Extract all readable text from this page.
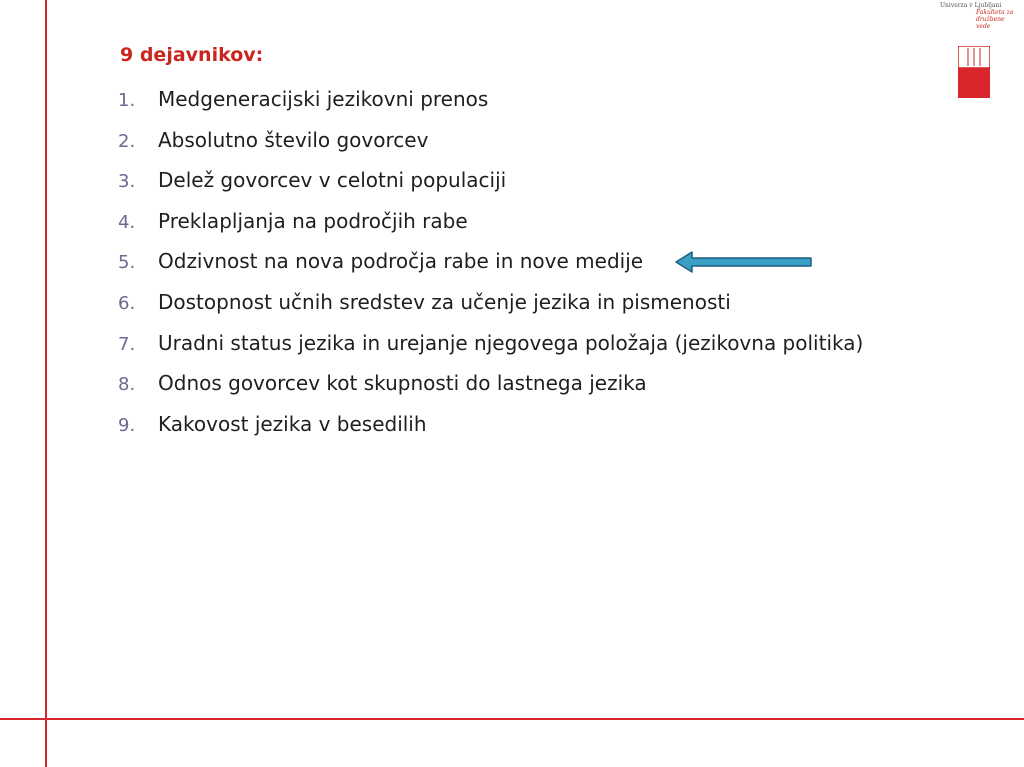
Univerza v Ljubljani
Fakulteta za družbene vede
9 dejavnikov:
1. Medgeneracijski jezikovni prenos
2. Absolutno število govorcev
3. Delež govorcev v celotni populaciji
4. Preklapljanja na področjih rabe
5. Odzivnost na nova področja rabe in nove medije
6. Dostopnost učnih sredstev za učenje jezika in pismenosti
7. Uradni status jezika in urejanje njegovega položaja (jezikovna politika)
8. Odnos govorcev kot skupnosti do lastnega jezika
9. Kakovost jezika v besedilih
